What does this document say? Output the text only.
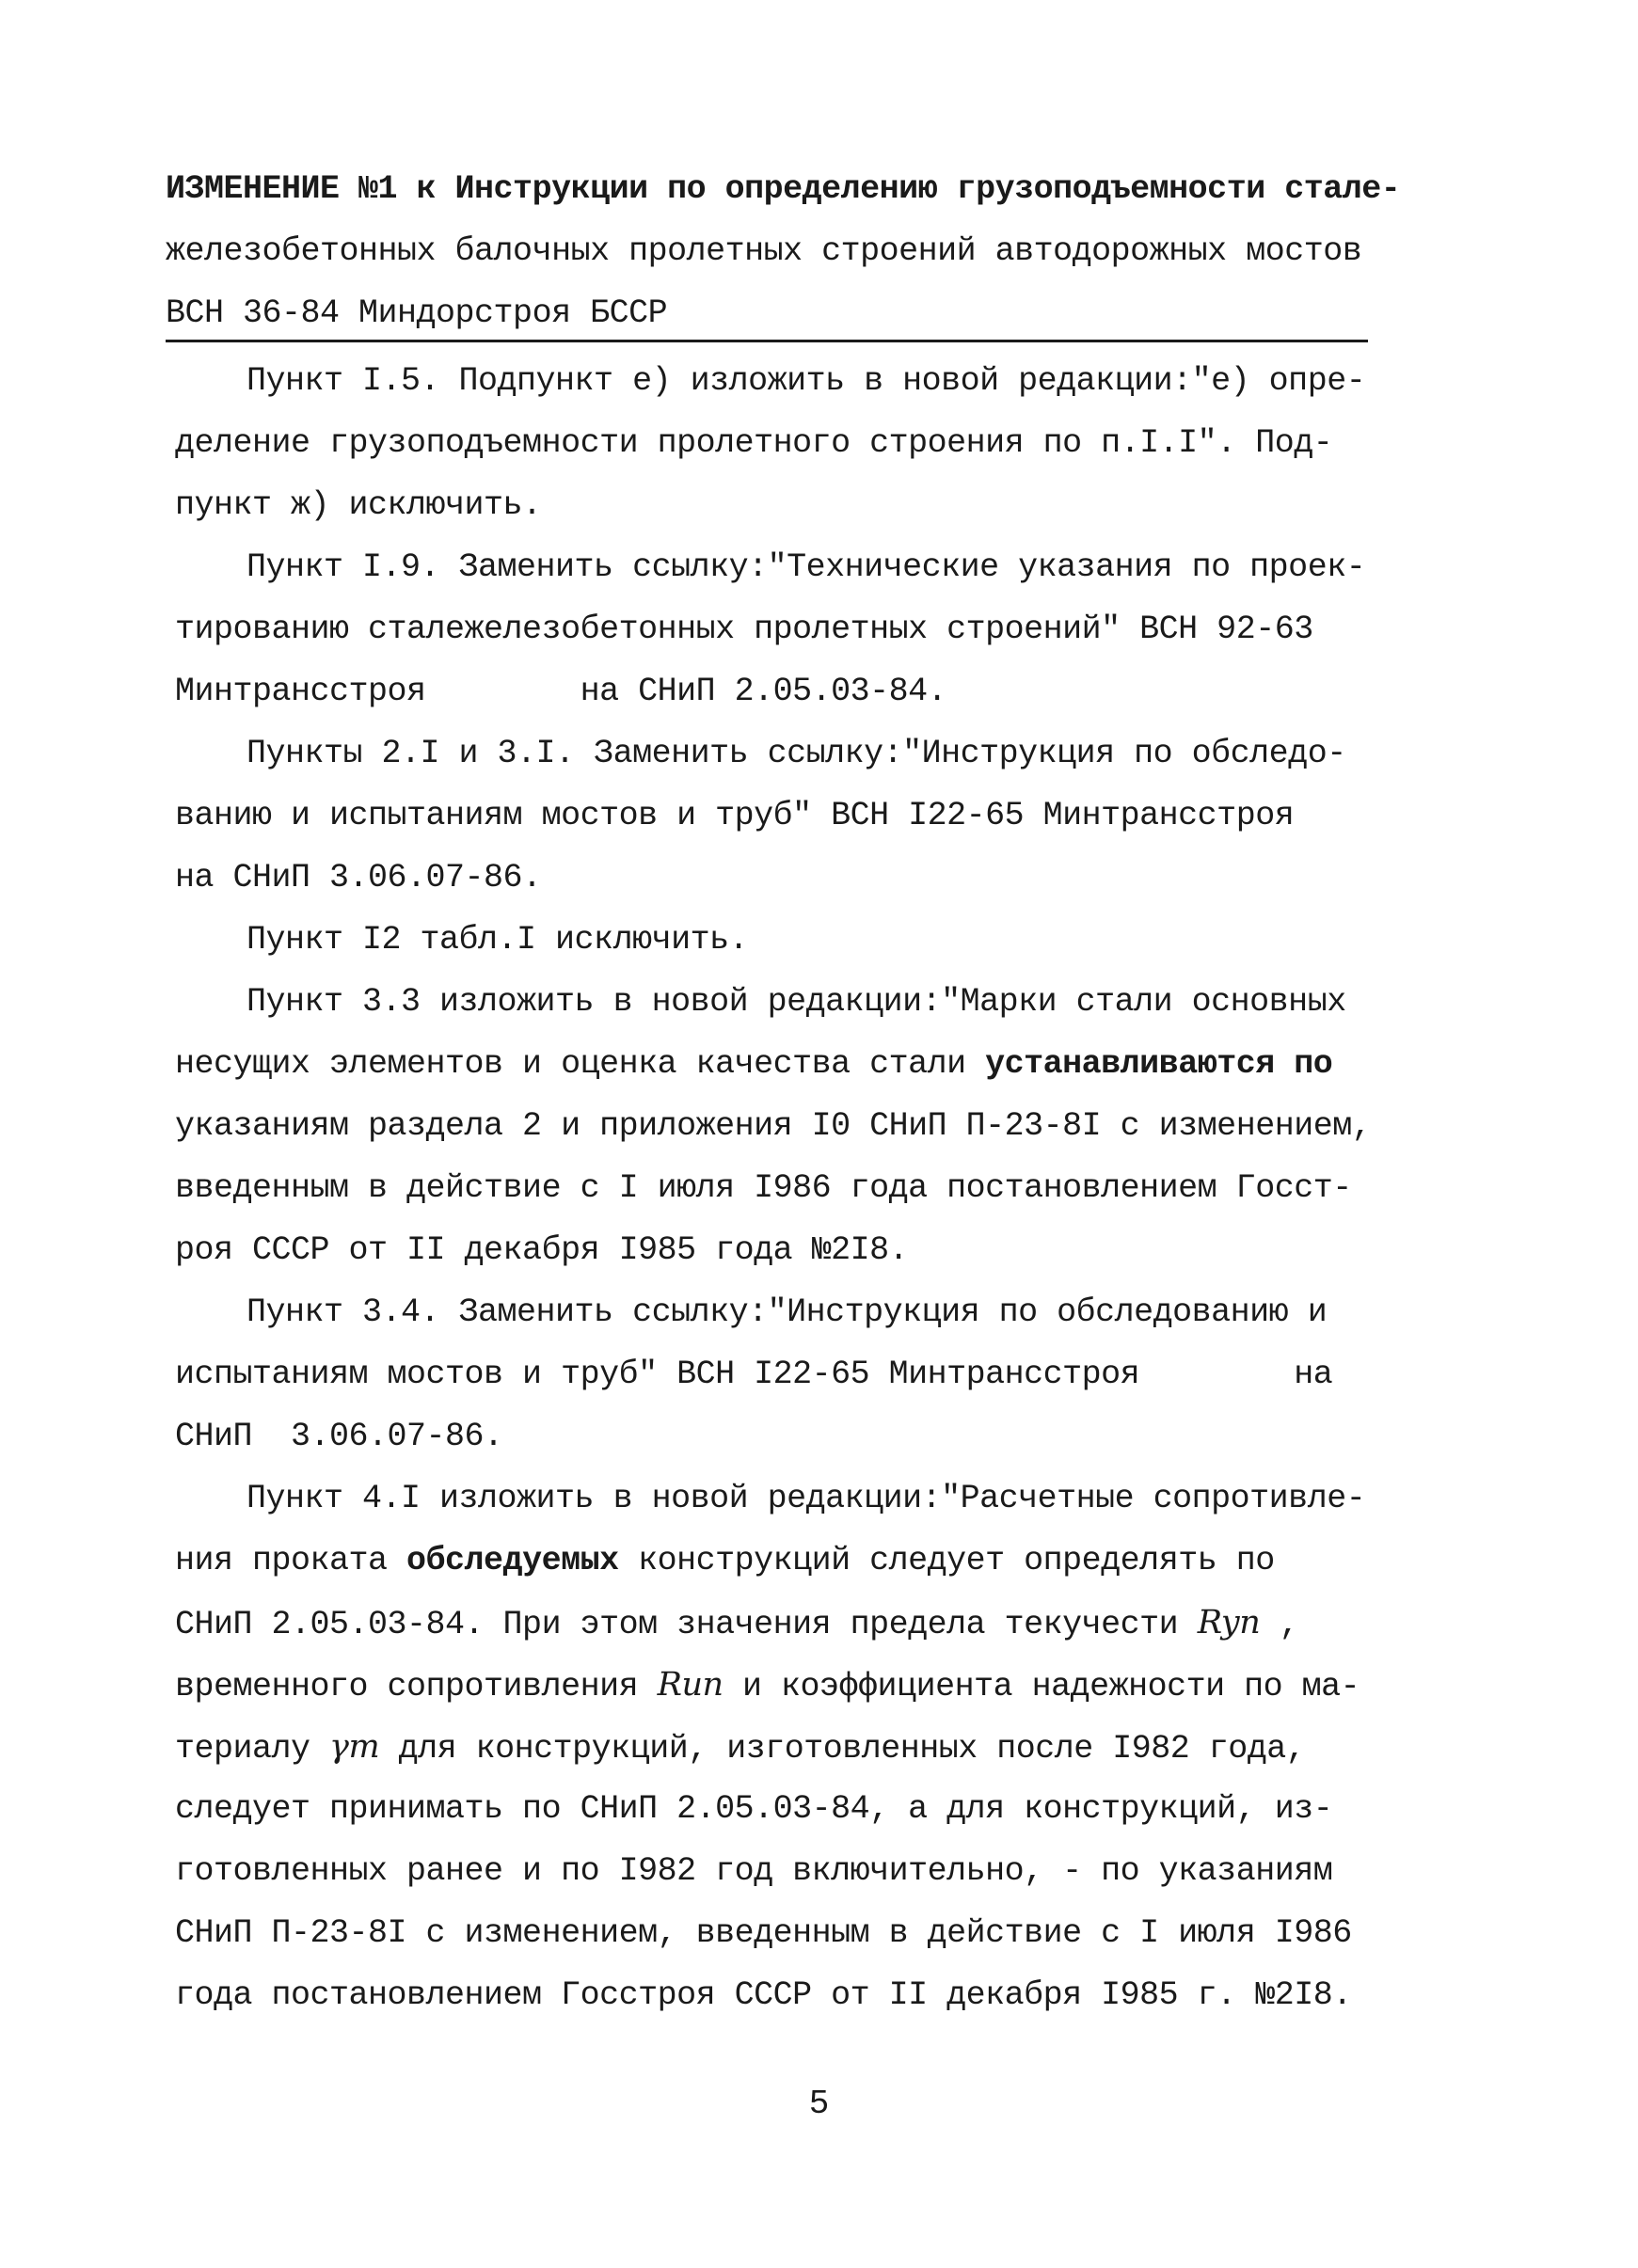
ИЗМЕНЕНИЕ №1 к Инструкции по определению грузоподъемности стале-
железобетонных балочных пролетных строений автодорожных мостов
ВСН 36-84 Миндорстроя БССР
Пункт I.5. Подпункт е) изложить в новой редакции:"е) опре-
деление грузоподъемности пролетного строения по п.I.I". Под-
пункт ж) исключить.
Пункт I.9. Заменить ссылку:"Технические указания по проек-
тированию сталежелезобетонных пролетных строений" ВСН 92-63
Минтрансстроя        на СНиП 2.05.03-84.
Пункты 2.I и 3.I. Заменить ссылку:"Инструкция по обследо-
ванию и испытаниям мостов и труб" ВСН I22-65 Минтрансстроя
на СНиП 3.06.07-86.
Пункт I2 табл.I исключить.
Пункт 3.3 изложить в новой редакции:"Марки стали основных
несущих элементов и оценка качества стали устанавливаются по
указаниям раздела 2 и приложения I0 СНиП П-23-8I с изменением,
введенным в действие с I июля I986 года постановлением Госст-
роя СССР от II декабря I985 года №2I8.
Пункт 3.4. Заменить ссылку:"Инструкция по обследованию и
испытаниям мостов и труб" ВСН I22-65 Минтрансстроя        на
СНиП  3.06.07-86.
Пункт 4.I изложить в новой редакции:"Расчетные сопротивле-
ния проката обследуемых конструкций следует определять по
СНиП 2.05.03-84. При этом значения предела текучести Ryn ,
временного сопротивления Run и коэффициента надежности по ма-
териалу γm для конструкций, изготовленных после I982 года,
следует принимать по СНиП 2.05.03-84, а для конструкций, из-
готовленных ранее и по I982 год включительно, - по указаниям
СНиП П-23-8I с изменением, введенным в действие с I июля I986
года постановлением Госстроя СССР от II декабря I985 г. №2I8.
5
